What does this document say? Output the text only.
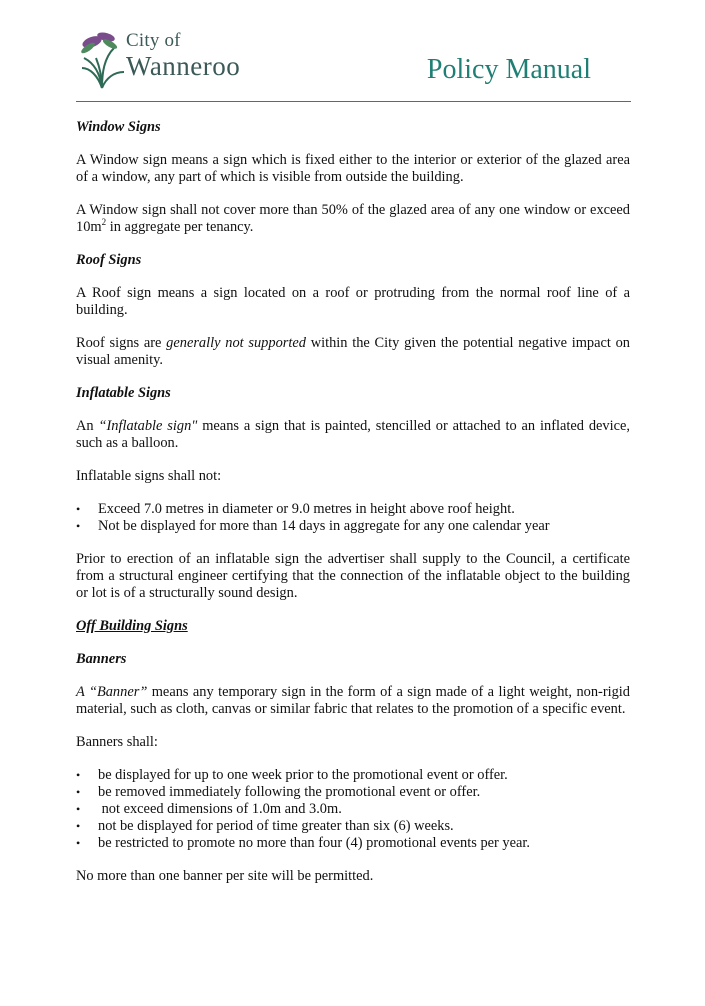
City of
Wanneroo	Policy Manual

Window Signs

A Window sign means a sign which is fixed either to the interior or exterior of the glazed area of a window, any part of which is visible from outside the building.

A Window sign shall not cover more than 50% of the glazed area of any one window or exceed $10m^2$ in aggregate per tenancy.

Roof Signs

A Roof sign means a sign located on a roof or protruding from the normal roof line of a building.

Roof signs are generally not supported within the City given the potential negative impact on visual amenity.

Inflatable Signs

An “Inflatable sign" means a sign that is painted, stencilled or attached to an inflated device, such as a balloon.

Inflatable signs shall not:

• Exceed 7.0 metres in diameter or 9.0 metres in height above roof height.
• Not be displayed for more than 14 days in aggregate for any one calendar year

Prior to erection of an inflatable sign the advertiser shall supply to the Council, a certificate from a structural engineer certifying that the connection of the inflatable object to the building or lot is of a structurally sound design.

Off Building Signs

Banners

A “Banner” means any temporary sign in the form of a sign made of a light weight, non-rigid material, such as cloth, canvas or similar fabric that relates to the promotion of a specific event.

Banners shall:

• be displayed for up to one week prior to the promotional event or offer.
• be removed immediately following the promotional event or offer.
•  not exceed dimensions of 1.0m and 3.0m.
• not be displayed for period of time greater than six (6) weeks.
• be restricted to promote no more than four (4) promotional events per year.

No more than one banner per site will be permitted.
